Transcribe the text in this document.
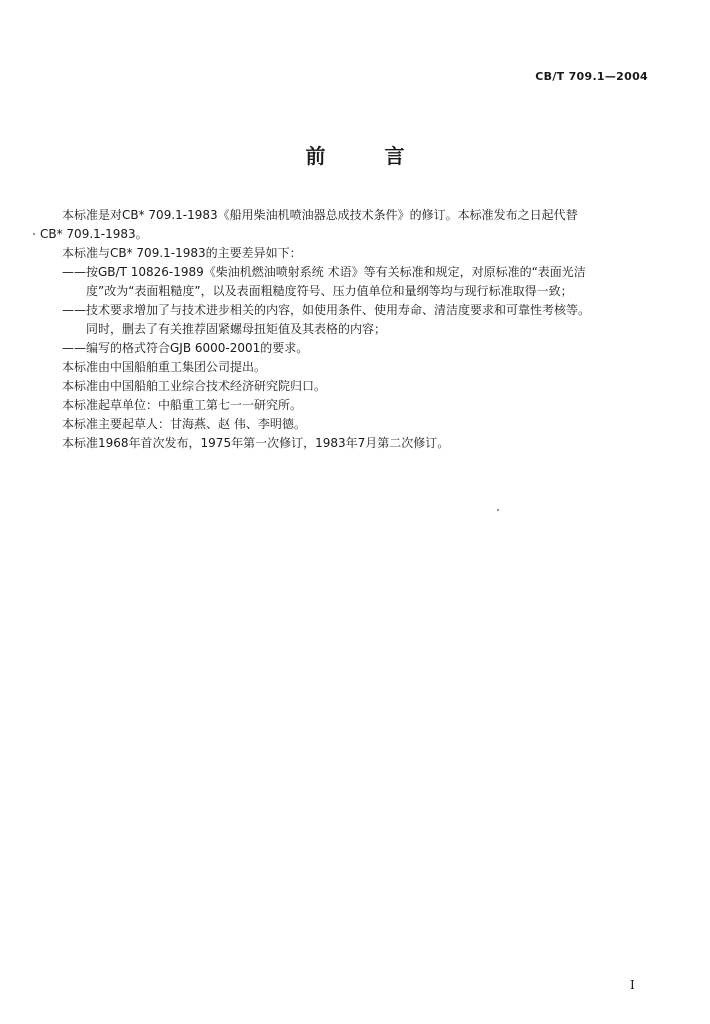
CB/T 709.1—2004
前 言
本标准是对CB* 709.1-1983《船用柴油机喷油器总成技术条件》的修订。本标准发布之日起代替
CB* 709.1-1983。
本标准与CB* 709.1-1983的主要差异如下：
——按GB/T 10826-1989《柴油机燃油喷射系统 术语》等有关标准和规定，对原标准的“表面光洁
度”改为“表面粗糙度”，以及表面粗糙度符号、压力值单位和量纲等均与现行标准取得一致；
——技术要求增加了与技术进步相关的内容，如使用条件、使用寿命、清洁度要求和可靠性考核等。
同时，删去了有关推荐固紧螺母扭矩值及其表格的内容；
——编写的格式符合GJB 6000-2001的要求。
本标准由中国船舶重工集团公司提出。
本标准由中国船舶工业综合技术经济研究院归口。
本标准起草单位：中船重工第七一一研究所。
本标准主要起草人：甘海燕、赵 伟、李明德。
本标准1968年首次发布，1975年第一次修订，1983年7月第二次修订。
I
